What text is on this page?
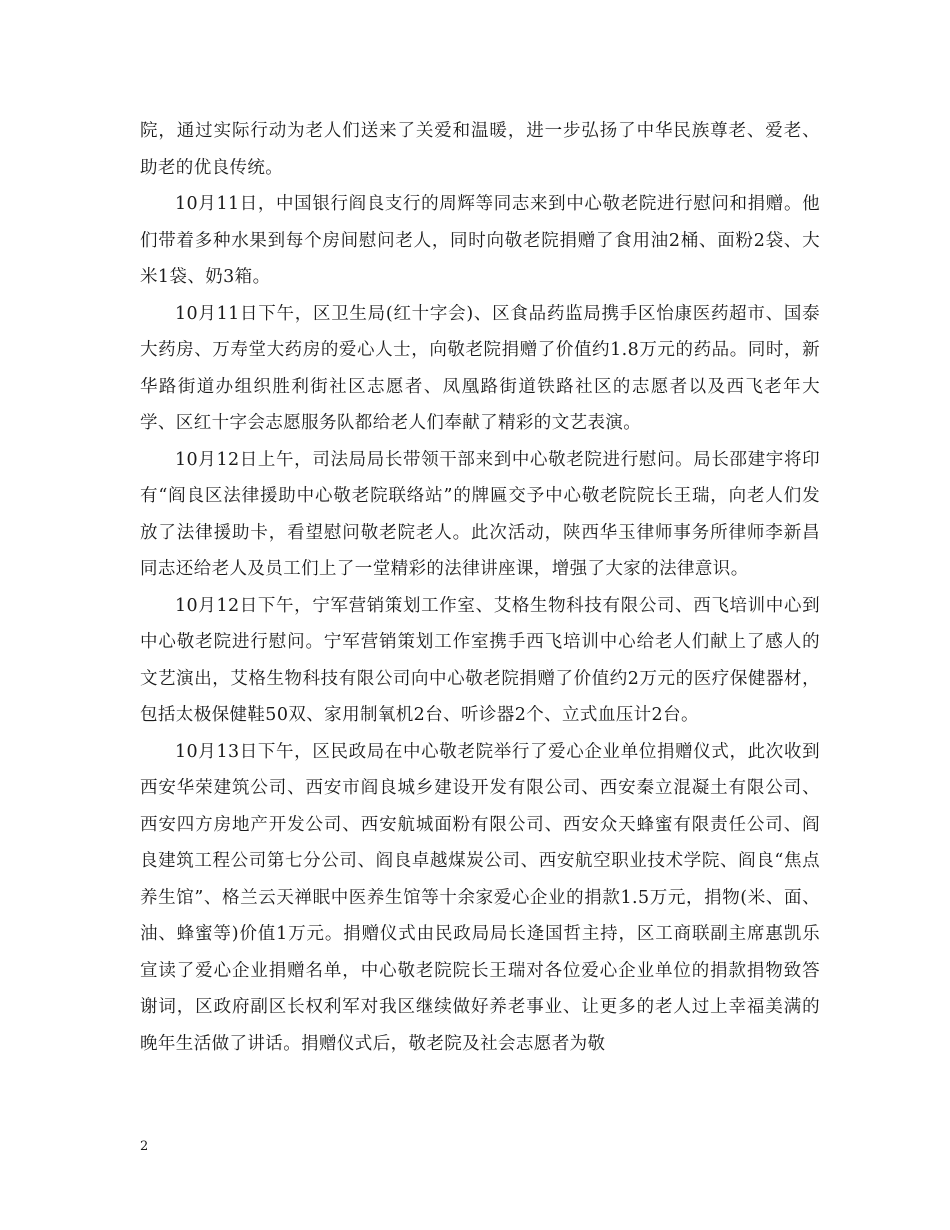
院，通过实际行动为老人们送来了关爱和温暖，进一步弘扬了中华民族尊老、爱老、助老的优良传统。

10月11日，中国银行阎良支行的周辉等同志来到中心敬老院进行慰问和捐赠。他们带着多种水果到每个房间慰问老人，同时向敬老院捐赠了食用油2桶、面粉2袋、大米1袋、奶3箱。

10月11日下午，区卫生局(红十字会)、区食品药监局携手区怡康医药超市、国泰大药房、万寿堂大药房的爱心人士，向敬老院捐赠了价值约1.8万元的药品。同时，新华路街道办组织胜利街社区志愿者、凤凰路街道铁路社区的志愿者以及西飞老年大学、区红十字会志愿服务队都给老人们奉献了精彩的文艺表演。

10月12日上午，司法局局长带领干部来到中心敬老院进行慰问。局长邵建宇将印有“阎良区法律援助中心敬老院联络站”的牌匾交予中心敬老院院长王瑞，向老人们发放了法律援助卡，看望慰问敬老院老人。此次活动，陕西华玉律师事务所律师李新昌同志还给老人及员工们上了一堂精彩的法律讲座课，增强了大家的法律意识。

10月12日下午，宁军营销策划工作室、艾格生物科技有限公司、西飞培训中心到中心敬老院进行慰问。宁军营销策划工作室携手西飞培训中心给老人们献上了感人的文艺演出，艾格生物科技有限公司向中心敬老院捐赠了价值约2万元的医疗保健器材，包括太极保健鞋50双、家用制氧机2台、听诊器2个、立式血压计2台。

10月13日下午，区民政局在中心敬老院举行了爱心企业单位捐赠仪式，此次收到西安华荣建筑公司、西安市阎良城乡建设开发有限公司、西安秦立混凝土有限公司、西安四方房地产开发公司、西安航城面粉有限公司、西安众天蜂蜜有限责任公司、阎良建筑工程公司第七分公司、阎良卓越煤炭公司、西安航空职业技术学院、阎良“焦点养生馆”、格兰云天禅眠中医养生馆等十余家爱心企业的捐款1.5万元，捐物(米、面、油、蜂蜜等)价值1万元。捐赠仪式由民政局局长逄国哲主持，区工商联副主席惠凯乐宣读了爱心企业捐赠名单，中心敬老院院长王瑞对各位爱心企业单位的捐款捐物致答谢词，区政府副区长权利军对我区继续做好养老事业、让更多的老人过上幸福美满的晚年生活做了讲话。捐赠仪式后，敬老院及社会志愿者为敬

2
